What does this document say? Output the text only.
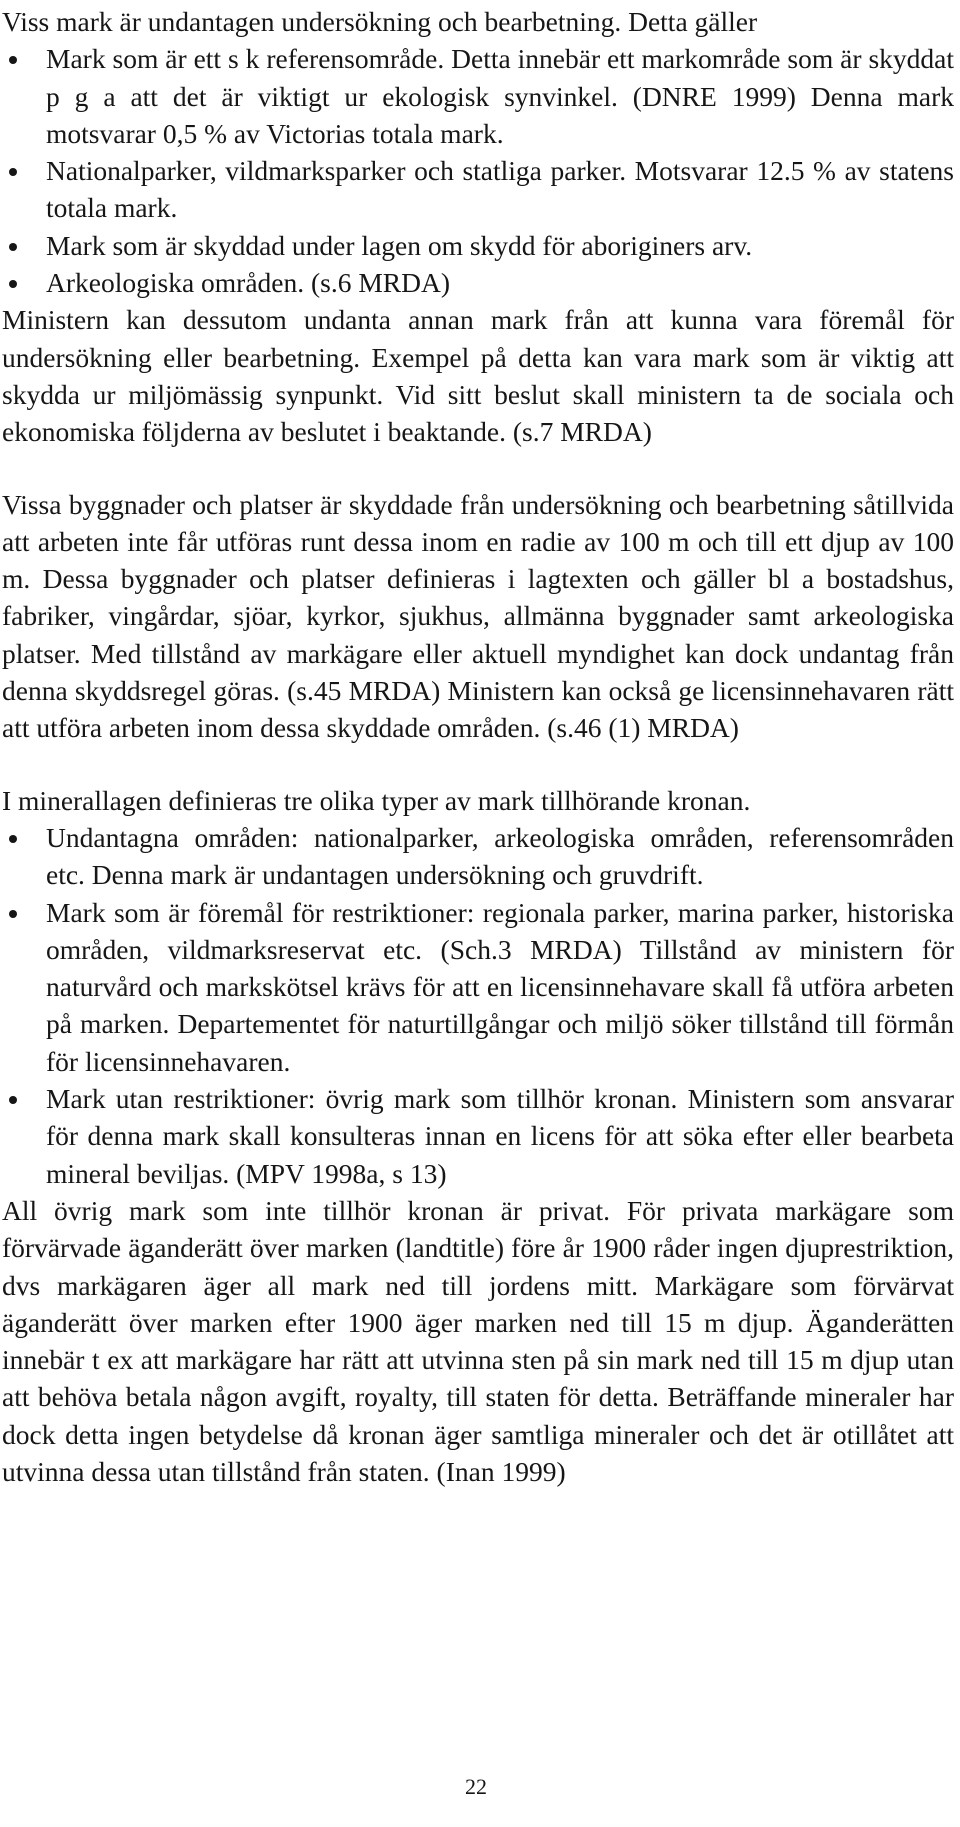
Viss mark är undantagen undersökning och bearbetning. Detta gäller

Mark som är ett s k referensområde. Detta innebär ett markområde som är skyddat p g a att det är viktigt ur ekologisk synvinkel. (DNRE 1999) Denna mark motsvarar 0,5 % av Victorias totala mark.
Nationalparker, vildmarksparker och statliga parker. Motsvarar 12.5 % av statens totala mark.
Mark som är skyddad under lagen om skydd för aboriginers arv.
Arkeologiska områden. (s.6 MRDA)

Ministern kan dessutom undanta annan mark från att kunna vara föremål för undersökning eller bearbetning. Exempel på detta kan vara mark som är viktig att skydda ur miljömässig synpunkt. Vid sitt beslut skall ministern ta de sociala och ekonomiska följderna av beslutet i beaktande. (s.7 MRDA)

Vissa byggnader och platser är skyddade från undersökning och bearbetning såtillvida att arbeten inte får utföras runt dessa inom en radie av 100 m och till ett djup av 100 m. Dessa byggnader och platser definieras i lagtexten och gäller bl a bostadshus, fabriker, vingårdar, sjöar, kyrkor, sjukhus, allmänna byggnader samt arkeologiska platser. Med tillstånd av markägare eller aktuell myndighet kan dock undantag från denna skyddsregel göras. (s.45 MRDA) Ministern kan också ge licensinnehavaren rätt att utföra arbeten inom dessa skyddade områden. (s.46 (1) MRDA)

I minerallagen definieras tre olika typer av mark tillhörande kronan.

Undantagna områden: nationalparker, arkeologiska områden, referensområden etc. Denna mark är undantagen undersökning och gruvdrift.
Mark som är föremål för restriktioner: regionala parker, marina parker, historiska områden, vildmarksreservat etc. (Sch.3 MRDA) Tillstånd av ministern för naturvård och markskötsel krävs för att en licensinnehavare skall få utföra arbeten på marken. Departementet för naturtillgångar och miljö söker tillstånd till förmån för licensinnehavaren.
Mark utan restriktioner: övrig mark som tillhör kronan. Ministern som ansvarar för denna mark skall konsulteras innan en licens för att söka efter eller bearbeta mineral beviljas. (MPV 1998a, s 13)

All övrig mark som inte tillhör kronan är privat. För privata markägare som förvärvade äganderätt över marken (landtitle) före år 1900 råder ingen djuprestriktion, dvs markägaren äger all mark ned till jordens mitt. Markägare som förvärvat äganderätt över marken efter 1900 äger marken ned till 15 m djup. Äganderätten innebär t ex att markägare har rätt att utvinna sten på sin mark ned till 15 m djup utan att behöva betala någon avgift, royalty, till staten för detta. Beträffande mineraler har dock detta ingen betydelse då kronan äger samtliga mineraler och det är otillåtet att utvinna dessa utan tillstånd från staten. (Inan 1999)

22
